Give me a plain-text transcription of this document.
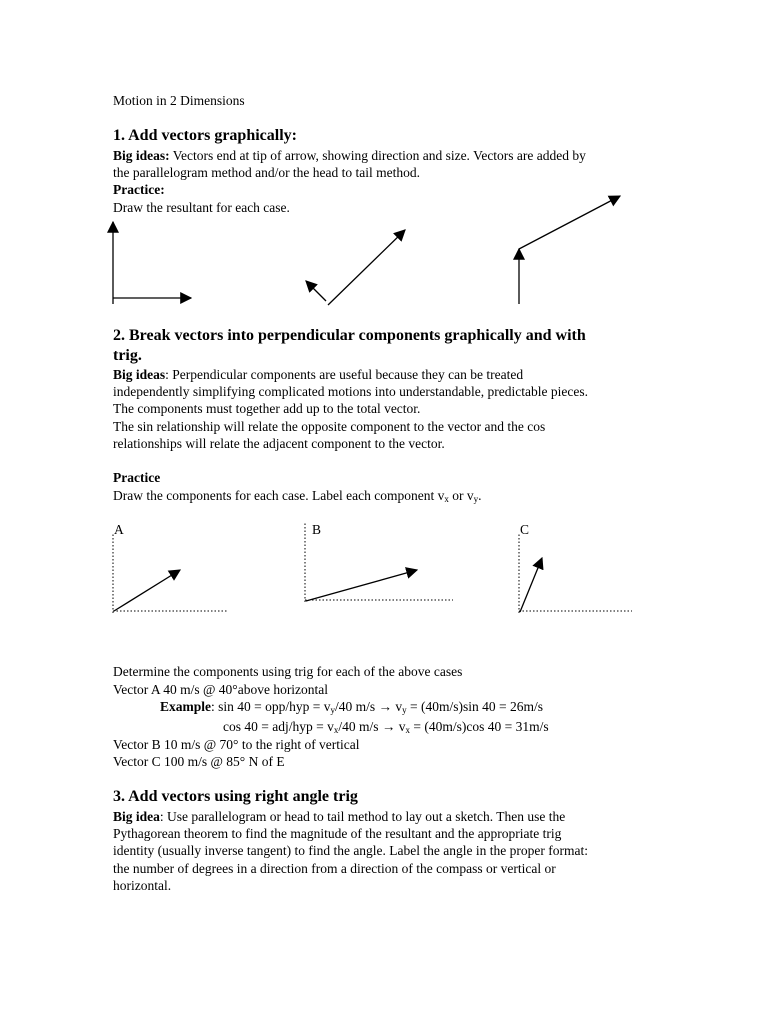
Motion in 2 Dimensions
1. Add vectors graphically:
Big ideas: Vectors end at tip of arrow, showing direction and size. Vectors are added by
the parallelogram method and/or the head to tail method.
Practice:
Draw the resultant for each case.
2. Break vectors into perpendicular components graphically and with
trig.
Big ideas: Perpendicular components are useful because they can be treated
independently simplifying complicated motions into understandable, predictable pieces.
The components must together add up to the total vector.
The sin relationship will relate the opposite component to the vector and the cos
relationships will relate the adjacent component to the vector.
Practice
Draw the components for each case. Label each component $v_x$ or $v_y$.
A	B	C
Determine the components using trig for each of the above cases
Vector A 40 m/s @ 40°above horizontal
Example: $\sin 40 = opp/hyp = v_y/40$ $m/s \to v_y = (40m/s)\sin$ 40 = 26m/s
$\cos 40 = adj/hyp = v_x/40$ $m/s \to v_x = (40m/s)\cos$ 40 = 31m/s
Vector B 10 m/s @ 70° to the right of vertical
Vector C 100 m/s @ 85° N of E
3. Add vectors using right angle trig
Big idea: Use parallelogram or head to tail method to lay out a sketch. Then use the
Pythagorean theorem to find the magnitude of the resultant and the appropriate trig
identity (usually inverse tangent) to find the angle. Label the angle in the proper format:
the number of degrees in a direction from a direction of the compass or vertical or
horizontal.
